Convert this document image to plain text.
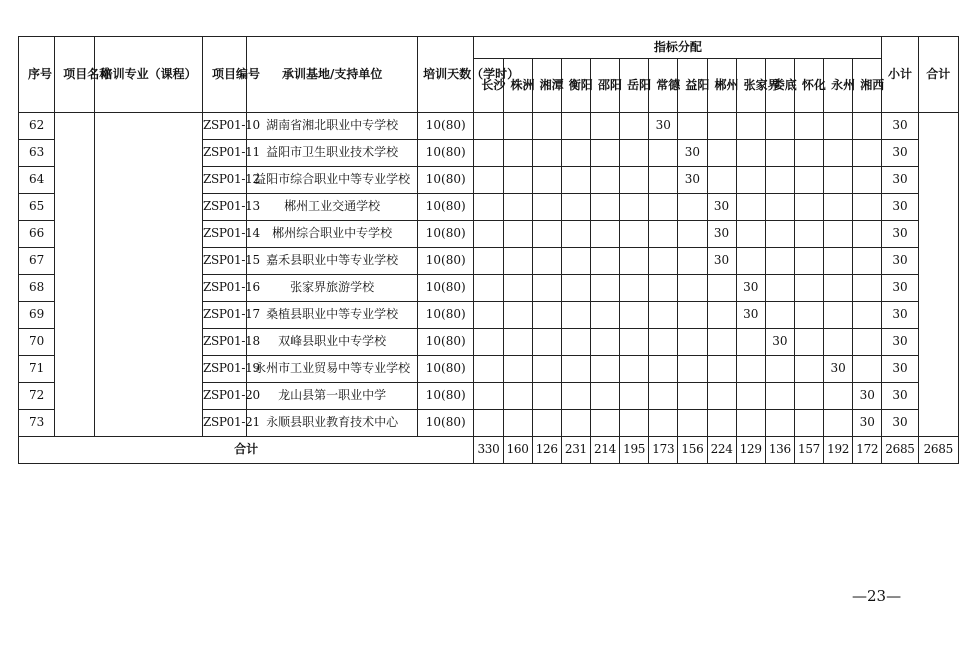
序号	项目名称	培训专业（课程）	项目编号	承训基地/支持单位	培训天数（学时）	指标分配														小计	合计
						长沙	株洲	湘潭	衡阳	邵阳	岳阳	常德	益阳	郴州	张家界	娄底	怀化	永州	湘西		
62			ZSP01-10	湖南省湘北职业中专学校	10(80)							30								30	
63			ZSP01-11	益阳市卫生职业技术学校	10(80)								30							30	
64			ZSP01-12	益阳市综合职业中等专业学校	10(80)								30							30	
65			ZSP01-13	郴州工业交通学校	10(80)									30						30	
66			ZSP01-14	郴州综合职业中专学校	10(80)									30						30	
67			ZSP01-15	嘉禾县职业中等专业学校	10(80)									30						30	
68			ZSP01-16	张家界旅游学校	10(80)										30					30	
69			ZSP01-17	桑植县职业中等专业学校	10(80)										30					30	
70			ZSP01-18	双峰县职业中专学校	10(80)											30				30	
71			ZSP01-19	永州市工业贸易中等专业学校	10(80)													30		30	
72			ZSP01-20	龙山县第一职业中学	10(80)														30	30	
73			ZSP01-21	永顺县职业教育技术中心	10(80)														30	30	
合计						330	160	126	231	214	195	173	156	224	129	136	157	192	172	2685	2685
—23—
